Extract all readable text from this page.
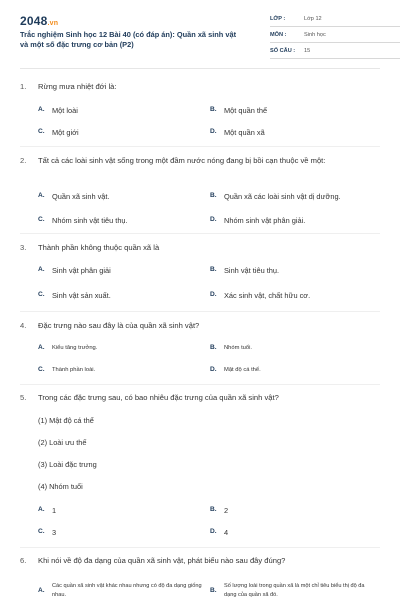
2048.vn
Trắc nghiệm Sinh học 12 Bài 40 (có đáp án): Quần xã sinh vật và một số đặc trưng cơ bản (P2)
LỚP :	Lớp 12
MÔN :	Sinh học
SỐ CÂU : 15
1. Rừng mưa nhiệt đới là:
A. Một loài	B. Một quần thể
C. Một giới	D. Một quần xã
2. Tất cả các loài sinh vật sống trong một đầm nước nóng đang bị bồi cạn thuộc về một:
A. Quần xã sinh vật.	B. Quần xã các loài sinh vật dị dưỡng.
C. Nhóm sinh vật tiêu thụ.	D. Nhóm sinh vật phân giải.
3. Thành phần không thuộc quần xã là
A. Sinh vật phân giải	B. Sinh vật tiêu thụ.
C. Sinh vật sản xuất.	D. Xác sinh vật, chất hữu cơ.
4. Đặc trưng nào sau đây là của quần xã sinh vật?
A. Kiểu tăng trưởng.	B. Nhóm tuổi.
C. Thành phần loài.	D. Mật độ cá thể.
5. Trong các đặc trưng sau, có bao nhiêu đặc trưng của quần xã sinh vật?
(1) Mật độ cá thể
(2) Loài ưu thế
(3) Loài đặc trưng
(4) Nhóm tuổi
A. 1	B. 2
C. 3	D. 4
6. Khi nói về độ đa dạng của quần xã sinh vật, phát biểu nào sau đây đúng?
A.
Các quần xã sinh vật khác nhau nhưng có độ đa dạng giống nhau.
B.
Số lượng loài trong quần xã là một chỉ tiêu biểu thị độ đa dạng của quần xã đó.
